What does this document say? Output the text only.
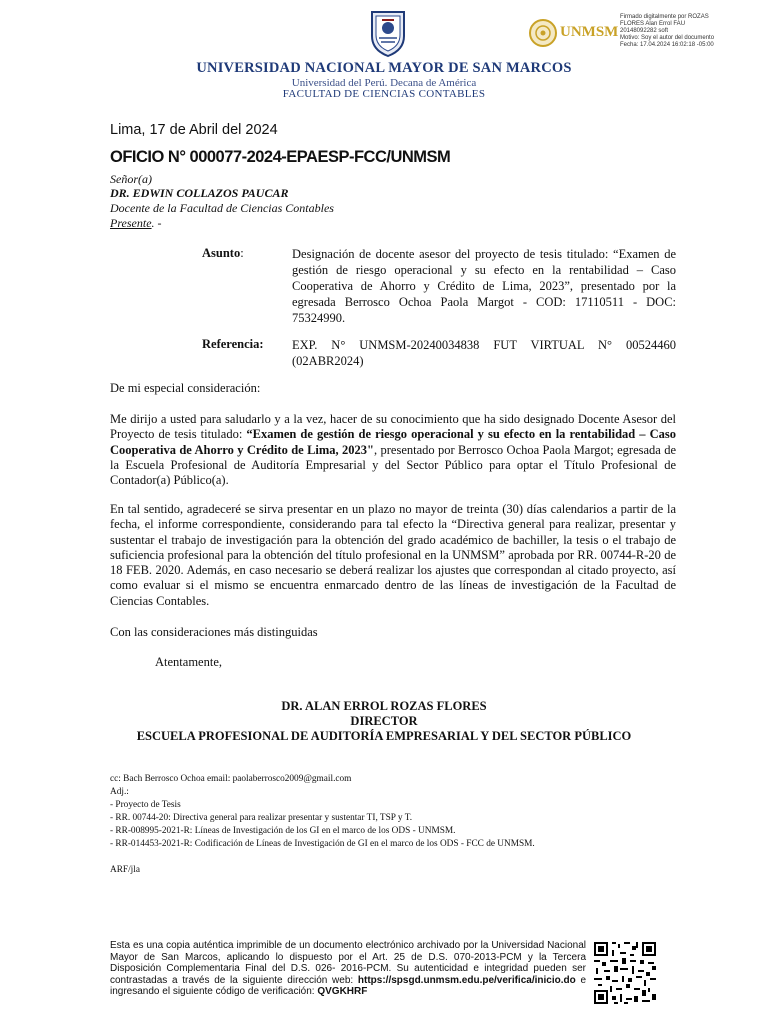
UNMSM
Firmado digitalmente por ROZAS
FLORES Alan Errol FAU
20148092282 soft
Motivo: Soy el autor del documento
Fecha: 17.04.2024 16:02:18 -05:00
UNIVERSIDAD NACIONAL MAYOR DE SAN MARCOS
Universidad del Perú. Decana de América
FACULTAD DE CIENCIAS CONTABLES
Lima, 17 de Abril del 2024
OFICIO N° 000077-2024-EPAESP-FCC/UNMSM
Señor(a)
DR. EDWIN COLLAZOS PAUCAR
Docente de la Facultad de Ciencias Contables
Presente. -
Asunto:	Designación de docente asesor del proyecto de tesis titulado: “Examen de gestión de riesgo operacional y su efecto en la rentabilidad – Caso Cooperativa de Ahorro y Crédito de Lima, 2023”, presentado por la egresada Berrosco Ochoa Paola Margot - COD: 17110511 - DOC: 75324990.
Referencia: EXP. N° UNMSM-20240034838 FUT VIRTUAL N° 00524460 (02ABR2024)
De mi especial consideración:
Me dirijo a usted para saludarlo y a la vez, hacer de su conocimiento que ha sido designado Docente Asesor del Proyecto de tesis titulado: “Examen de gestión de riesgo operacional y su efecto en la rentabilidad – Caso Cooperativa de Ahorro y Crédito de Lima, 2023", presentado por Berrosco Ochoa Paola Margot; egresada de la Escuela Profesional de Auditoría Empresarial y del Sector Público para optar el Título Profesional de Contador(a) Público(a).
En tal sentido, agradeceré se sirva presentar en un plazo no mayor de treinta (30) días calendarios a partir de la fecha, el informe correspondiente, considerando para tal efecto la “Directiva general para realizar, presentar y sustentar el trabajo de investigación para la obtención del grado académico de bachiller, la tesis o el trabajo de suficiencia profesional para la obtención del título profesional en la UNMSM” aprobada por RR. 00744-R-20 de 18 FEB. 2020. Además, en caso necesario se deberá realizar los ajustes que correspondan al citado proyecto, así como evaluar si el mismo se encuentra enmarcado dentro de las líneas de investigación de la Facultad de Ciencias Contables.
Con las consideraciones más distinguidas
Atentamente,
DR. ALAN ERROL ROZAS FLORES
DIRECTOR
ESCUELA PROFESIONAL DE AUDITORÍA EMPRESARIAL Y DEL SECTOR PÚBLICO
cc: Bach Berrosco Ochoa email: paolaberrosco2009@gmail.com
Adj.:
- Proyecto de Tesis
- RR. 00744-20: Directiva general para realizar presentar y sustentar TI, TSP y T.
- RR-008995-2021-R: Líneas de Investigación de los GI en el marco de los ODS - UNMSM.
- RR-014453-2021-R: Codificación de Líneas de Investigación de GI en el marco de los ODS - FCC de UNMSM.
ARF/jla
Esta es una copia auténtica imprimible de un documento electrónico archivado por la Universidad Nacional Mayor de San Marcos, aplicando lo dispuesto por el Art. 25 de D.S. 070-2013-PCM y la Tercera Disposición Complementaria Final del D.S. 026- 2016-PCM. Su autenticidad e integridad pueden ser contrastadas a través de la siguiente dirección web: https://spsgd.unmsm.edu.pe/verifica/inicio.do e ingresando el siguiente código de verificación: QVGKHRF
